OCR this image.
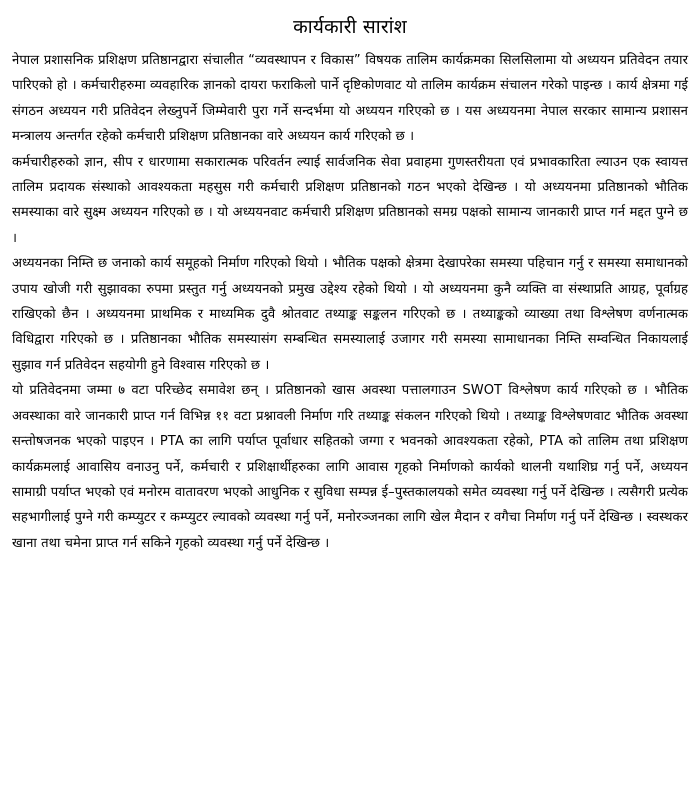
कार्यकारी सारांश

नेपाल प्रशासनिक प्रशिक्षण प्रतिष्ठानद्वारा संचालीत “व्यवस्थापन र विकास” विषयक तालिम कार्यक्रमका सिलसिलामा यो अध्ययन प्रतिवेदन तयार पारिएको हो । कर्मचारीहरुमा व्यवहारिक ज्ञानको दायरा फराकिलो पार्ने दृष्टिकोणवाट यो तालिम कार्यक्रम संचालन गरेको पाइन्छ । कार्य क्षेत्रमा गई संगठन अध्ययन गरी प्रतिवेदन लेख्नुपर्ने जिम्मेवारी पुरा गर्ने सन्दर्भमा यो अध्ययन गरिएको छ । यस अध्ययनमा नेपाल सरकार सामान्य प्रशासन मन्त्रालय अन्तर्गत रहेको कर्मचारी प्रशिक्षण प्रतिष्ठानका वारे अध्ययन कार्य गरिएको छ ।

कर्मचारीहरुको ज्ञान, सीप र धारणामा सकारात्मक परिवर्तन ल्याई सार्वजनिक सेवा प्रवाहमा गुणस्तरीयता एवं प्रभावकारिता ल्याउन एक स्वायत्त तालिम प्रदायक संस्थाको आवश्यकता महसुस गरी कर्मचारी प्रशिक्षण प्रतिष्ठानको गठन भएको देखिन्छ । यो अध्ययनमा प्रतिष्ठानको भौतिक समस्याका वारे सुक्ष्म अध्ययन गरिएको छ । यो अध्ययनवाट कर्मचारी प्रशिक्षण प्रतिष्ठानको समग्र पक्षको सामान्य जानकारी प्राप्त गर्न मद्दत पुग्ने छ ।

अध्ययनका निम्ति छ जनाको कार्य समूहको निर्माण गरिएको थियो । भौतिक पक्षको क्षेत्रमा देखापरेका समस्या पहिचान गर्नु र समस्या समाधानको उपाय खोजी गरी सुझावका रुपमा प्रस्तुत गर्नु अध्ययनको प्रमुख उद्देश्य रहेको थियो । यो अध्ययनमा कुनै व्यक्ति वा संस्थाप्रति आग्रह, पूर्वाग्रह राखिएको छैन । अध्ययनमा प्राथमिक र माध्यमिक दुवै श्रोतवाट तथ्याङ्क सङ्कलन गरिएको छ । तथ्याङ्कको व्याख्या तथा विश्लेषण वर्णनात्मक विधिद्वारा गरिएको छ । प्रतिष्ठानका भौतिक समस्यासंग सम्बन्धित समस्यालाई उजागर गरी समस्या सामाधानका निम्ति सम्वन्धित निकायलाई सुझाव गर्न प्रतिवेदन सहयोगी हुने विश्वास गरिएको छ ।

यो प्रतिवेदनमा जम्मा ७ वटा परिच्छेद समावेश छन् । प्रतिष्ठानको खास अवस्था पत्तालगाउन SWOT विश्लेषण कार्य गरिएको छ । भौतिक अवस्थाका वारे जानकारी प्राप्त गर्न विभिन्न ११ वटा प्रश्नावली निर्माण गरि तथ्याङ्क संकलन गरिएको थियो । तथ्याङ्क विश्लेषणवाट भौतिक अवस्था सन्तोषजनक भएको पाइएन । PTA का लागि पर्याप्त पूर्वाधार सहितको जग्गा र भवनको आवश्यकता रहेको, PTA को तालिम तथा प्रशिक्षण कार्यक्रमलाई आवासिय वनाउनु पर्ने, कर्मचारी र प्रशिक्षार्थीहरुका लागि आवास गृहको निर्माणको कार्यको थालनी यथाशिघ्र गर्नु पर्ने, अध्ययन सामाग्री पर्याप्त भएको एवं मनोरम वातावरण भएको आधुनिक र सुविधा सम्पन्न ई–पुस्तकालयको समेत व्यवस्था गर्नु पर्ने देखिन्छ । त्यसैगरी प्रत्येक सहभागीलाई पुग्ने गरी कम्प्युटर र कम्प्युटर ल्यावको व्यवस्था गर्नु पर्ने, मनोरञ्जनका लागि खेल मैदान र वगैचा निर्माण गर्नु पर्ने देखिन्छ । स्वस्थकर खाना तथा चमेना प्राप्त गर्न सकिने गृहको व्यवस्था गर्नु पर्ने देखिन्छ ।
